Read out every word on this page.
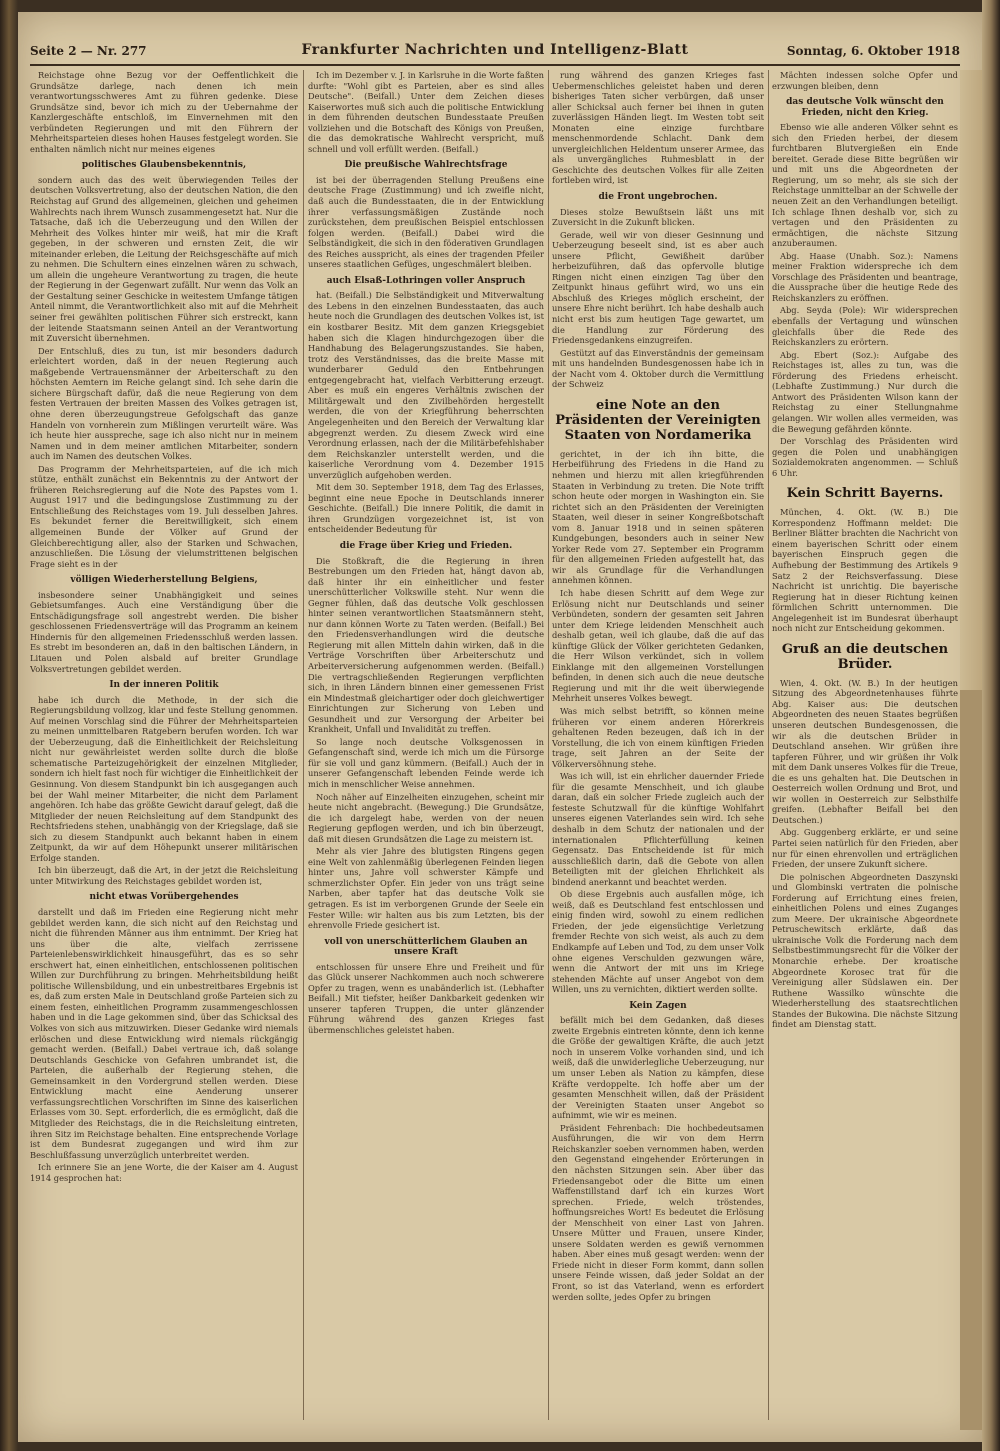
Seite 2 — Nr. 277	Frankfurter Nachrichten und Intelligenz-Blatt	Sonntag, 6. Oktober 1918

Reichstage ohne Bezug vor der Oeffentlichkeit die Grundsätze darlege, nach denen ich mein verantwortungsschweres Amt zu führen gedenke. Diese Grundsätze sind, bevor ich mich zu der Uebernahme der Kanzlergeschäfte entschloß, im Einvernehmen mit den verbündeten Regierungen und mit den Führern der Mehrheitsparteien dieses hohen Hauses festgelegt worden. Sie enthalten nämlich nicht nur meines eigenes

politisches Glaubensbekenntnis,

sondern auch das des weit überwiegenden Teiles der deutschen Volksvertretung, also der deutschen Nation, die den Reichstag auf Grund des allgemeinen, gleichen und geheimen Wahlrechts nach ihrem Wunsch zusammengesetzt hat. Nur die Tatsache, daß ich die Ueberzeugung und den Willen der Mehrheit des Volkes hinter mir weiß, hat mir die Kraft gegeben, in der schweren und ernsten Zeit, die wir miteinander erleben, die Leitung der Reichsgeschäfte auf mich zu nehmen. Die Schultern eines einzelnen wären zu schwach, um allein die ungeheure Verantwortung zu tragen, die heute der Regierung in der Gegenwart zufällt. Nur wenn das Volk an der Gestaltung seiner Geschicke in weitestem Umfange tätigen Anteil nimmt, die Verantwortlichkeit also mit auf die Mehrheit seiner frei gewählten politischen Führer sich erstreckt, kann der leitende Staatsmann seinen Anteil an der Verantwortung mit Zuversicht übernehmen.

Der Entschluß, dies zu tun, ist mir besonders dadurch erleichtert worden, daß in der neuen Regierung auch maßgebende Vertrauensmänner der Arbeiterschaft zu den höchsten Aemtern im Reiche gelangt sind. Ich sehe darin die sichere Bürgschaft dafür, daß die neue Regierung von dem festen Vertrauen der breiten Massen des Volkes getragen ist, ohne deren überzeugungstreue Gefolgschaft das ganze Handeln von vornherein zum Mißlingen verurteilt wäre. Was ich heute hier ausspreche, sage ich also nicht nur in meinem Namen und in dem meiner amtlichen Mitarbeiter, sondern auch im Namen des deutschen Volkes.

Das Programm der Mehrheitsparteien, auf die ich mich stütze, enthält zunächst ein Bekenntnis zu der Antwort der früheren Reichsregierung auf die Note des Papstes vom 1. August 1917 und die bedingungslose Zustimmung zu der Entschließung des Reichstages vom 19. Juli desselben Jahres. Es bekundet ferner die Bereitwilligkeit, sich einem allgemeinen Bunde der Völker auf Grund der Gleichberechtigung aller, also der Starken und Schwachen, anzuschließen. Die Lösung der vielumstrittenen belgischen Frage sieht es in der

völligen Wiederherstellung Belgiens,

insbesondere seiner Unabhängigkeit und seines Gebietsumfanges. Auch eine Verständigung über die Entschädigungsfrage soll angestrebt werden. Die bisher geschlossenen Friedensverträge will das Programm an keinem Hindernis für den allgemeinen Friedensschluß werden lassen. Es strebt im besonderen an, daß in den baltischen Ländern, in Litauen und Polen alsbald auf breiter Grundlage Volksvertretungen gebildet werden.

In der inneren Politik

habe ich durch die Methode, in der sich die Regierungsbildung vollzog, klar und feste Stellung genommen. Auf meinen Vorschlag sind die Führer der Mehrheitsparteien zu meinen unmittelbaren Ratgebern berufen worden. Ich war der Ueberzeugung, daß die Einheitlichkeit der Reichsleitung nicht nur gewährleistet werden sollte durch die bloße schematische Parteizugehörigkeit der einzelnen Mitglieder, sondern ich hielt fast noch für wichtiger die Einheitlichkeit der Gesinnung. Von diesem Standpunkt bin ich ausgegangen auch bei der Wahl meiner Mitarbeiter, die nicht dem Parlament angehören. Ich habe das größte Gewicht darauf gelegt, daß die Mitglieder der neuen Reichsleitung auf dem Standpunkt des Rechtsfriedens stehen, unabhängig von der Kriegslage, daß sie sich zu diesem Standpunkt auch bekannt haben in einem Zeitpunkt, da wir auf dem Höhepunkt unserer militärischen Erfolge standen.

Ich bin überzeugt, daß die Art, in der jetzt die Reichsleitung unter Mitwirkung des Reichstages gebildet worden ist,

nicht etwas Vorübergehendes

darstellt und daß im Frieden eine Regierung nicht mehr gebildet werden kann, die sich nicht auf den Reichstag und nicht die führenden Männer aus ihm entnimmt. Der Krieg hat uns über die alte, vielfach zerrissene Parteienlebenswirklichkeit hinausgeführt, das es so sehr erschwert hat, einen einheitlichen, entschlossenen politischen Willen zur Durchführung zu bringen. Mehrheitsbildung heißt politische Willensbildung, und ein unbestreitbares Ergebnis ist es, daß zum ersten Male in Deutschland große Parteien sich zu einem festen, einheitlichen Programm zusammengeschlossen haben und in die Lage gekommen sind, über das Schicksal des Volkes von sich aus mitzuwirken. Dieser Gedanke wird niemals erlöschen und diese Entwicklung wird niemals rückgängig gemacht werden. (Beifall.) Dabei vertraue ich, daß solange Deutschlands Geschicke von Gefahren umbrandet ist, die Parteien, die außerhalb der Regierung stehen, die Gemeinsamkeit in den Vordergrund stellen werden. Diese Entwicklung macht eine Aenderung unserer verfassungsrechtlichen Vorschriften im Sinne des kaiserlichen Erlasses vom 30. Sept. erforderlich, die es ermöglicht, daß die Mitglieder des Reichstags, die in die Reichsleitung eintreten, ihren Sitz im Reichstage behalten. Eine entsprechende Vorlage ist dem Bundesrat zugegangen und wird ihm zur Beschlußfassung unverzüglich unterbreitet werden.

Ich erinnere Sie an jene Worte, die der Kaiser am 4. August 1914 gesprochen hat:

Ich im Dezember v. J. in Karlsruhe in die Worte faßten durfte: "Wohl gibt es Parteien, aber es sind alles Deutsche". (Beifall.) Unter dem Zeichen dieses Kaiserwortes muß sich auch die politische Entwicklung in dem führenden deutschen Bundesstaate Preußen vollziehen und die Botschaft des Königs von Preußen, die das demokratische Wahlrecht verspricht, muß schnell und voll erfüllt werden. (Beifall.)

Die preußische Wahlrechtsfrage

ist bei der überragenden Stellung Preußens eine deutsche Frage (Zustimmung) und ich zweifle nicht, daß auch die Bundesstaaten, die in der Entwicklung ihrer verfassungsmäßigen Zustände noch zurückstehen, dem preußischen Beispiel entschlossen folgen werden. (Beifall.) Dabei wird die Selbständigkeit, die sich in den föderativen Grundlagen des Reiches ausspricht, als eines der tragenden Pfeiler unseres staatlichen Gefüges, ungeschmälert bleiben.

auch Elsaß-Lothringen voller Anspruch

hat. (Beifall.) Die Selbständigkeit und Mitverwaltung des Lebens in den einzelnen Bundesstaaten, das auch heute noch die Grundlagen des deutschen Volkes ist, ist ein kostbarer Besitz. Mit dem ganzen Kriegsgebiet haben sich die Klagen hindurchgezogen über die Handhabung des Belagerungszustandes. Sie haben, trotz des Verständnisses, das die breite Masse mit wunderbarer Geduld den Entbehrungen entgegengebracht hat, vielfach Verbitterung erzeugt. Aber es muß ein engeres Verhältnis zwischen der Militärgewalt und den Zivilbehörden hergestellt werden, die von der Kriegführung beherrschten Angelegenheiten und den Bereich der Verwaltung klar abgegrenzt werden. Zu diesem Zweck wird eine Verordnung erlassen, nach der die Militärbefehlshaber dem Reichskanzler unterstellt werden, und die kaiserliche Verordnung vom 4. Dezember 1915 unverzüglich aufgehoben werden.

Mit dem 30. September 1918, dem Tag des Erlasses, beginnt eine neue Epoche in Deutschlands innerer Geschichte. (Beifall.) Die innere Politik, die damit in ihren Grundzügen vorgezeichnet ist, ist von entscheidender Bedeutung für

die Frage über Krieg und Frieden.

Die Stoßkraft, die die Regierung in ihren Bestrebungen um den Frieden hat, hängt davon ab, daß hinter ihr ein einheitlicher und fester unerschütterlicher Volkswille steht. Nur wenn die Gegner fühlen, daß das deutsche Volk geschlossen hinter seinen verantwortlichen Staatsmännern steht, nur dann können Worte zu Taten werden. (Beifall.) Bei den Friedensverhandlungen wird die deutsche Regierung mit allen Mitteln dahin wirken, daß in die Verträge Vorschriften über Arbeiterschutz und Arbeiterversicherung aufgenommen werden. (Beifall.) Die vertragschließenden Regierungen verpflichten sich, in ihren Ländern binnen einer gemessenen Frist ein Mindestmaß gleichartiger oder doch gleichwertiger Einrichtungen zur Sicherung von Leben und Gesundheit und zur Versorgung der Arbeiter bei Krankheit, Unfall und Invalidität zu treffen.

So lange noch deutsche Volksgenossen in Gefangenschaft sind, werde ich mich um die Fürsorge für sie voll und ganz kümmern. (Beifall.) Auch der in unserer Gefangenschaft lebenden Feinde werde ich mich in menschlicher Weise annehmen.

Noch näher auf Einzelheiten einzugehen, scheint mir heute nicht angebracht. (Bewegung.) Die Grundsätze, die ich dargelegt habe, werden von der neuen Regierung gepflogen werden, und ich bin überzeugt, daß mit diesen Grundsätzen die Lage zu meistern ist.

Mehr als vier Jahre des blutigsten Ringens gegen eine Welt von zahlenmäßig überlegenen Feinden liegen hinter uns, Jahre voll schwerster Kämpfe und schmerzlichster Opfer. Ein jeder von uns trägt seine Narben, aber tapfer hat das deutsche Volk sie getragen. Es ist im verborgenen Grunde der Seele ein Fester Wille: wir halten aus bis zum Letzten, bis der ehrenvolle Friede gesichert ist.

voll von unerschütterlichem Glauben an unsere Kraft

entschlossen für unsere Ehre und Freiheit und für das Glück unserer Nachkommen auch noch schwerere Opfer zu tragen, wenn es unabänderlich ist. (Lebhafter Beifall.) Mit tiefster, heißer Dankbarkeit gedenken wir unserer tapferen Truppen, die unter glänzender Führung während des ganzen Krieges fast übermenschliches geleistet haben.

rung während des ganzen Krieges fast Uebermenschliches geleistet haben und deren bisheriges Taten sicher verbürgen, daß unser aller Schicksal auch ferner bei ihnen in guten zuverlässigen Händen liegt. Im Westen tobt seit Monaten eine einzige furchtbare menschenmordende Schlacht. Dank dem unvergleichlichen Heldentum unserer Armee, das als unvergängliches Ruhmesblatt in der Geschichte des deutschen Volkes für alle Zeiten fortleben wird, ist

die Front ungebrochen.

Dieses stolze Bewußtsein läßt uns mit Zuversicht in die Zukunft blicken.

Gerade, weil wir von dieser Gesinnung und Ueberzeugung beseelt sind, ist es aber auch unsere Pflicht, Gewißheit darüber herbeizuführen, daß das opfervolle blutige Ringen nicht einen einzigen Tag über den Zeitpunkt hinaus geführt wird, wo uns ein Abschluß des Krieges möglich erscheint, der unsere Ehre nicht berührt. Ich habe deshalb auch nicht erst bis zum heutigen Tage gewartet, um die Handlung zur Förderung des Friedensgedankens einzugreifen.

Gestützt auf das Einverständnis der gemeinsam mit uns handelnden Bundesgenossen habe ich in der Nacht vom 4. Oktober durch die Vermittlung der Schweiz

eine Note an den Präsidenten der Vereinigten Staaten von Nordamerika

gerichtet, in der ich ihn bitte, die Herbeiführung des Friedens in die Hand zu nehmen und hierzu mit allen kriegführenden Staaten in Verbindung zu treten. Die Note trifft schon heute oder morgen in Washington ein. Sie richtet sich an den Präsidenten der Vereinigten Staaten, weil dieser in seiner Kongreßbotschaft vom 8. Januar 1918 und in seinen späteren Kundgebungen, besonders auch in seiner New Yorker Rede vom 27. September ein Programm für den allgemeinen Frieden aufgestellt hat, das wir als Grundlage für die Verhandlungen annehmen können.

Ich habe diesen Schritt auf dem Wege zur Erlösung nicht nur Deutschlands und seiner Verbündeten, sondern der gesamten seit Jahren unter dem Kriege leidenden Menschheit auch deshalb getan, weil ich glaube, daß die auf das künftige Glück der Völker gerichteten Gedanken, die Herr Wilson verkündet, sich in vollem Einklange mit den allgemeinen Vorstellungen befinden, in denen sich auch die neue deutsche Regierung und mit ihr die weit überwiegende Mehrheit unseres Volkes bewegt.

Was mich selbst betrifft, so können meine früheren vor einem anderen Hörerkreis gehaltenen Reden bezeugen, daß ich in der Vorstellung, die ich von einem künftigen Frieden trage, seit Jahren an der Seite der Völkerversöhnung stehe.

Was ich will, ist ein ehrlicher dauernder Friede für die gesamte Menschheit, und ich glaube daran, daß ein solcher Friede zugleich auch der festeste Schutzwall für die künftige Wohlfahrt unseres eigenen Vaterlandes sein wird. Ich sehe deshalb in dem Schutz der nationalen und der internationalen Pflichterfüllung keinen Gegensatz. Das Entscheidende ist für mich ausschließlich darin, daß die Gebote von allen Beteiligten mit der gleichen Ehrlichkeit als bindend anerkannt und beachtet werden.

Ob diese Ergebnis auch ausfallen möge, ich weiß, daß es Deutschland fest entschlossen und einig finden wird, sowohl zu einem redlichen Frieden, der jede eigensüchtige Verletzung fremder Rechte von sich weist, als auch zu dem Endkampfe auf Leben und Tod, zu dem unser Volk ohne eigenes Verschulden gezwungen wäre, wenn die Antwort der mit uns im Kriege stehenden Mächte auf unser Angebot von dem Willen, uns zu vernichten, diktiert werden sollte.

Kein Zagen

befällt mich bei dem Gedanken, daß dieses zweite Ergebnis eintreten könnte, denn ich kenne die Größe der gewaltigen Kräfte, die auch jetzt noch in unserem Volke vorhanden sind, und ich weiß, daß die unwiderlegliche Ueberzeugung, nur um unser Leben als Nation zu kämpfen, diese Kräfte verdoppelte. Ich hoffe aber um der gesamten Menschheit willen, daß der Präsident der Vereinigten Staaten unser Angebot so aufnimmt, wie wir es meinen.

Präsident Fehrenbach: Die hochbedeutsamen Ausführungen, die wir von dem Herrn Reichskanzler soeben vernommen haben, werden den Gegenstand eingehender Erörterungen in den nächsten Sitzungen sein. Aber über das Friedensangebot oder die Bitte um einen Waffenstillstand darf ich ein kurzes Wort sprechen. Friede, welch tröstendes, hoffnungsreiches Wort! Es bedeutet die Erlösung der Menschheit von einer Last von Jahren. Unsere Mütter und Frauen, unsere Kinder, unsere Soldaten werden es gewiß vernommen haben. Aber eines muß gesagt werden: wenn der Friede nicht in dieser Form kommt, dann sollen unsere Feinde wissen, daß jeder Soldat an der Front, so ist das Vaterland, wenn es erfordert werden sollte, jedes Opfer zu bringen

Mächten indessen solche Opfer und erzwungen bleiben, denn

das deutsche Volk wünscht den Frieden, nicht den Krieg.

Ebenso wie alle anderen Völker sehnt es sich den Frieden herbei, der diesem furchtbaren Blutvergießen ein Ende bereitet. Gerade diese Bitte begrüßen wir und mit uns die Abgeordneten der Regierung, um so mehr, als sie sich der Reichstage unmittelbar an der Schwelle der neuen Zeit an den Verhandlungen beteiligt. Ich schlage Ihnen deshalb vor, sich zu vertagen und den Präsidenten zu ermächtigen, die nächste Sitzung anzuberaumen.

Abg. Haase (Unabh. Soz.): Namens meiner Fraktion widerspreche ich dem Vorschlage des Präsidenten und beantrage, die Aussprache über die heutige Rede des Reichskanzlers zu eröffnen.

Abg. Seyda (Pole): Wir widersprechen ebenfalls der Vertagung und wünschen gleichfalls über die Rede des Reichskanzlers zu erörtern.

Abg. Ebert (Soz.): Aufgabe des Reichstages ist, alles zu tun, was die Förderung des Friedens erheischt. (Lebhafte Zustimmung.) Nur durch die Antwort des Präsidenten Wilson kann der Reichstag zu einer Stellungnahme gelangen. Wir wollen alles vermeiden, was die Bewegung gefährden könnte.

Der Vorschlag des Präsidenten wird gegen die Polen und unabhängigen Sozialdemokraten angenommen. — Schluß 6 Uhr.

Kein Schritt Bayerns.

München, 4. Okt. (W. B.) Die Korrespondenz Hoffmann meldet: Die Berliner Blätter brachten die Nachricht von einem bayerischen Schritt oder einem bayerischen Einspruch gegen die Aufhebung der Bestimmung des Artikels 9 Satz 2 der Reichsverfassung. Diese Nachricht ist unrichtig. Die bayerische Regierung hat in dieser Richtung keinen förmlichen Schritt unternommen. Die Angelegenheit ist im Bundesrat überhaupt noch nicht zur Entscheidung gekommen.

Gruß an die deutschen Brüder.

Wien, 4. Okt. (W. B.) In der heutigen Sitzung des Abgeordnetenhauses führte Abg. Kaiser aus: Die deutschen Abgeordneten des neuen Staates begrüßen unseren deutschen Bundesgenossen, die wir als die deutschen Brüder in Deutschland ansehen. Wir grüßen ihre tapferen Führer, und wir grüßen ihr Volk mit dem Dank unseres Volkes für die Treue, die es uns gehalten hat. Die Deutschen in Oesterreich wollen Ordnung und Brot, und wir wollen in Oesterreich zur Selbsthilfe greifen. (Lebhafter Beifall bei den Deutschen.)

Abg. Guggenberg erklärte, er und seine Partei seien natürlich für den Frieden, aber nur für einen ehrenvollen und erträglichen Frieden, der unsere Zukunft sichere.

Die polnischen Abgeordneten Daszynski und Glombinski vertraten die polnische Forderung auf Errichtung eines freien, einheitlichen Polens und eines Zuganges zum Meere. Der ukrainische Abgeordnete Petruschewitsch erklärte, daß das ukrainische Volk die Forderung nach dem Selbstbestimmungsrecht für die Völker der Monarchie erhebe. Der kroatische Abgeordnete Korosec trat für die Vereinigung aller Südslawen ein. Der Ruthene Wassilko wünschte die Wiederherstellung des staatsrechtlichen Standes der Bukowina. Die nächste Sitzung findet am Dienstag statt.
